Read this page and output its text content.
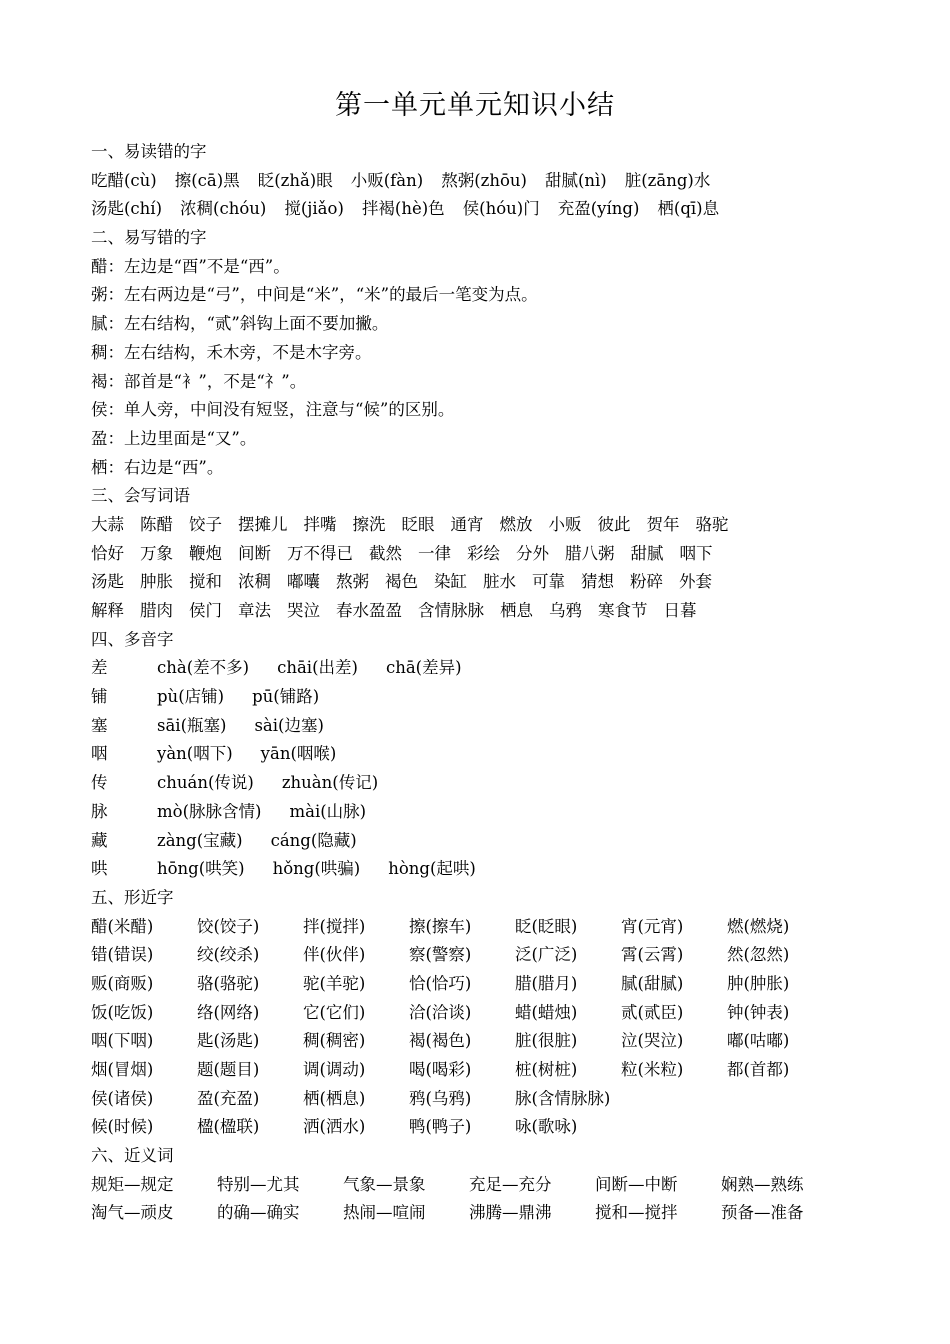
第一单元单元知识小结
一、易读错的字
吃醋(cù) 擦(cā)黑 眨(zhǎ)眼 小贩(fàn) 熬粥(zhōu) 甜腻(nì) 脏(zāng)水
汤匙(chí) 浓稠(chóu) 搅(jiǎo) 拌褐(hè)色 侯(hóu)门 充盈(yíng) 栖(qī)息
二、易写错的字
醋：左边是“酉”不是“西”。
粥：左右两边是“弓”，中间是“米”，“米”的最后一笔变为点。
腻：左右结构，“贰”斜钩上面不要加撇。
稠：左右结构，禾木旁，不是木字旁。
褐：部首是“衤”，不是“礻”。
侯：单人旁，中间没有短竖，注意与“候”的区别。
盈：上边里面是“又”。
栖：右边是“西”。
三、会写词语
大蒜 陈醋 饺子 摆摊儿 拌嘴 擦洗 眨眼 通宵 燃放 小贩 彼此 贺年 骆驼
恰好 万象 鞭炮 间断 万不得已 截然 一律 彩绘 分外 腊八粥 甜腻 咽下
汤匙 肿胀 搅和 浓稠 嘟囔 熬粥 褐色 染缸 脏水 可靠 猜想 粉碎 外套
解释 腊肉 侯门 章法 哭泣 春水盈盈 含情脉脉 栖息 乌鸦 寒食节 日暮
四、多音字
差	chà(差不多) chāi(出差) chā(差异)
铺	pù(店铺) pū(铺路)
塞	sāi(瓶塞) sài(边塞)
咽	yàn(咽下) yān(咽喉)
传	chuán(传说) zhuàn(传记)
脉	mò(脉脉含情) mài(山脉)
藏	zàng(宝藏) cáng(隐藏)
哄	hōng(哄笑) hǒng(哄骗) hòng(起哄)
五、形近字
醋(米醋)	饺(饺子)	拌(搅拌)	擦(擦车)	眨(眨眼)	宵(元宵)	燃(燃烧)
错(错误)	绞(绞杀)	伴(伙伴)	察(警察)	泛(广泛)	霄(云霄)	然(忽然)
贩(商贩)	骆(骆驼)	驼(羊驼)	恰(恰巧)	腊(腊月)	腻(甜腻)	肿(肿胀)
饭(吃饭)	络(网络)	它(它们)	洽(洽谈)	蜡(蜡烛)	贰(贰臣)	钟(钟表)
咽(下咽)	匙(汤匙)	稠(稠密)	褐(褐色)	脏(很脏)	泣(哭泣)	嘟(咕嘟)
烟(冒烟)	题(题目)	调(调动)	喝(喝彩)	桩(树桩)	粒(米粒)	都(首都)
侯(诸侯)	盈(充盈)	栖(栖息)	鸦(乌鸦)	脉(含情脉脉)
候(时候)	楹(楹联)	洒(洒水)	鸭(鸭子)	咏(歌咏)
六、近义词
规矩—规定	特别—尤其	气象—景象	充足—充分	间断—中断	娴熟—熟练
淘气—顽皮	的确—确实	热闹—喧闹	沸腾—鼎沸	搅和—搅拌	预备—准备
